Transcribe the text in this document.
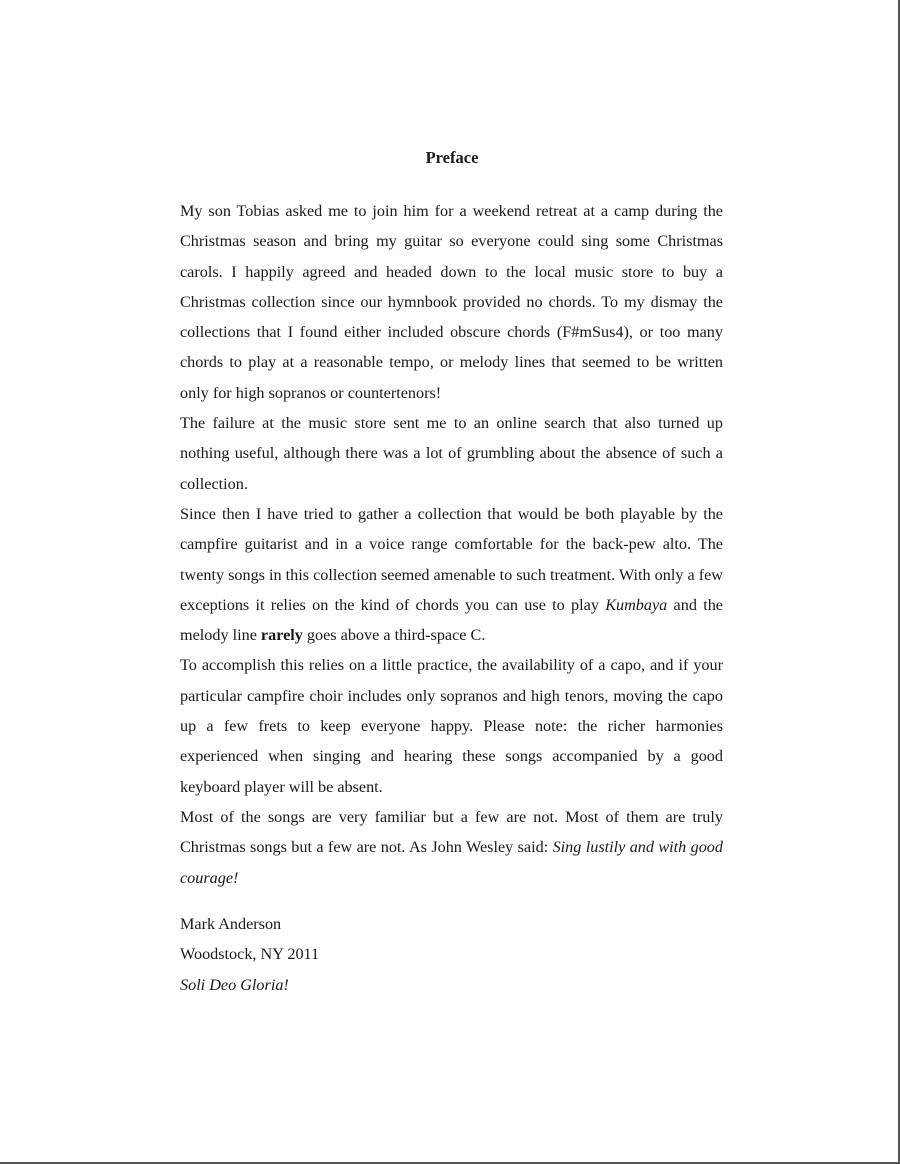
Preface

My son Tobias asked me to join him for a weekend retreat at a camp during the Christmas season and bring my guitar so everyone could sing some Christmas carols. I happily agreed and headed down to the local music store to buy a Christmas collection since our hymnbook provided no chords. To my dismay the collections that I found either included obscure chords (F#mSus4), or too many chords to play at a reasonable tempo, or melody lines that seemed to be written only for high sopranos or countertenors!

The failure at the music store sent me to an online search that also turned up nothing useful, although there was a lot of grumbling about the absence of such a collection.

Since then I have tried to gather a collection that would be both playable by the campfire guitarist and in a voice range comfortable for the back-pew alto. The twenty songs in this collection seemed amenable to such treatment. With only a few exceptions it relies on the kind of chords you can use to play Kumbaya and the melody line rarely goes above a third-space C.

To accomplish this relies on a little practice, the availability of a capo, and if your particular campfire choir includes only sopranos and high tenors, moving the capo up a few frets to keep everyone happy. Please note: the richer harmonies experienced when singing and hearing these songs accompanied by a good keyboard player will be absent.

Most of the songs are very familiar but a few are not. Most of them are truly Christmas songs but a few are not. As John Wesley said: Sing lustily and with good courage!

Mark Anderson
Woodstock, NY 2011
Soli Deo Gloria!
